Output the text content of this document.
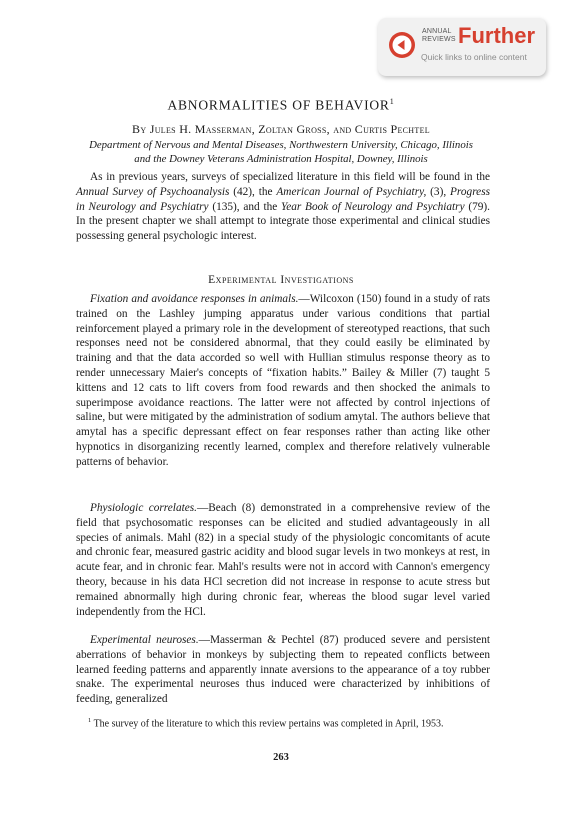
ANNUAL
REVIEWS Further
Quick links to online content
ABNORMALITIES OF BEHAVIOR$^1$
By Jules H. Masserman, Zoltan Gross, and Curtis Pechtel
Department of Nervous and Mental Diseases, Northwestern University, Chicago, Illinois
and the Downey Veterans Administration Hospital, Downey, Illinois

As in previous years, surveys of specialized literature in this field will be found in the Annual Survey of Psychoanalysis (42), the American Journal of Psychiatry, (3), Progress in Neurology and Psychiatry (135), and the Year Book of Neurology and Psychiatry (79). In the present chapter we shall attempt to integrate those experimental and clinical studies possessing general psychologic interest.

Experimental Investigations

Fixation and avoidance responses in animals.—Wilcoxon (150) found in a study of rats trained on the Lashley jumping apparatus under various conditions that partial reinforcement played a primary role in the development of stereotyped reactions, that such responses need not be considered abnormal, that they could easily be eliminated by training and that the data accorded so well with Hullian stimulus response theory as to render unnecessary Maier's concepts of “fixation habits.” Bailey & Miller (7) taught 5 kittens and 12 cats to lift covers from food rewards and then shocked the animals to superimpose avoidance reactions. The latter were not affected by control injections of saline, but were mitigated by the administration of sodium amytal. The authors believe that amytal has a specific depressant effect on fear responses rather than acting like other hypnotics in disorganizing recently learned, complex and therefore relatively vulnerable patterns of behavior.

Physiologic correlates.—Beach (8) demonstrated in a comprehensive review of the field that psychosomatic responses can be elicited and studied advantageously in all species of animals. Mahl (82) in a special study of the physiologic concomitants of acute and chronic fear, measured gastric acidity and blood sugar levels in two monkeys at rest, in acute fear, and in chronic fear. Mahl's results were not in accord with Cannon's emergency theory, because in his data HCl secretion did not increase in response to acute stress but remained abnormally high during chronic fear, whereas the blood sugar level varied independently from the HCl.

Experimental neuroses.—Masserman & Pechtel (87) produced severe and persistent aberrations of behavior in monkeys by subjecting them to repeated conflicts between learned feeding patterns and apparently innate aversions to the appearance of a toy rubber snake. The experimental neuroses thus induced were characterized by inhibitions of feeding, generalized

$^1$ The survey of the literature to which this review pertains was completed in April, 1953.

263
